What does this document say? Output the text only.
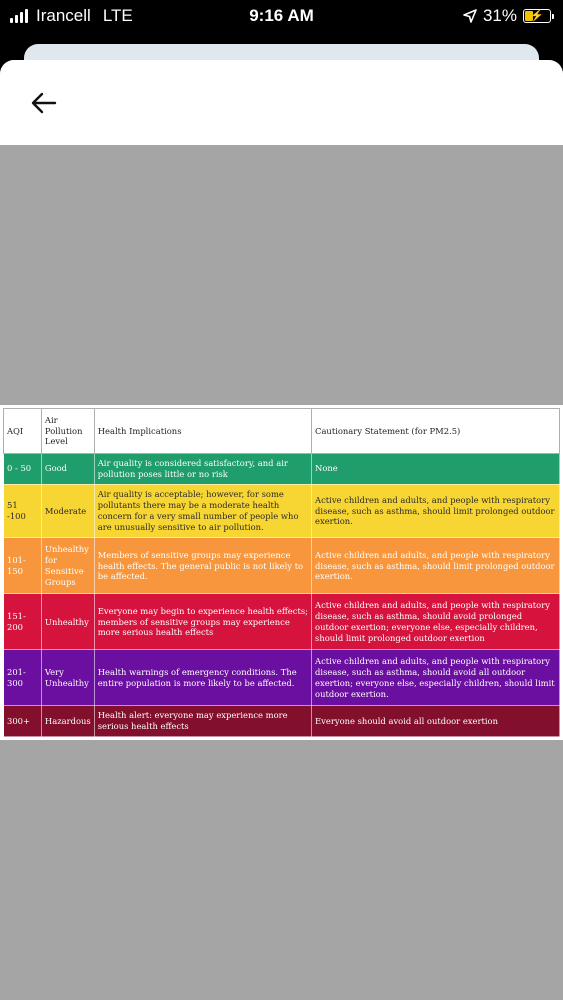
Irancell LTE	9:16 AM	31% ⚡
AQI	Air Pollution Level	Health Implications	Cautionary Statement (for PM2.5)
0 - 50	Good	Air quality is considered satisfactory, and air pollution poses little or no risk	None
51 -100	Moderate	Air quality is acceptable; however, for some pollutants there may be a moderate health concern for a very small number of people who are unusually sensitive to air pollution.	Active children and adults, and people with respiratory disease, such as asthma, should limit prolonged outdoor exertion.
101-150	Unhealthy for Sensitive Groups	Members of sensitive groups may experience health effects. The general public is not likely to be affected.	Active children and adults, and people with respiratory disease, such as asthma, should limit prolonged outdoor exertion.
151-200	Unhealthy	Everyone may begin to experience health effects; members of sensitive groups may experience more serious health effects	Active children and adults, and people with respiratory disease, such as asthma, should avoid prolonged outdoor exertion; everyone else, especially children, should limit prolonged outdoor exertion
201-300	Very Unhealthy	Health warnings of emergency conditions. The entire population is more likely to be affected.	Active children and adults, and people with respiratory disease, such as asthma, should avoid all outdoor exertion; everyone else, especially children, should limit outdoor exertion.
300+	Hazardous	Health alert: everyone may experience more serious health effects	Everyone should avoid all outdoor exertion
